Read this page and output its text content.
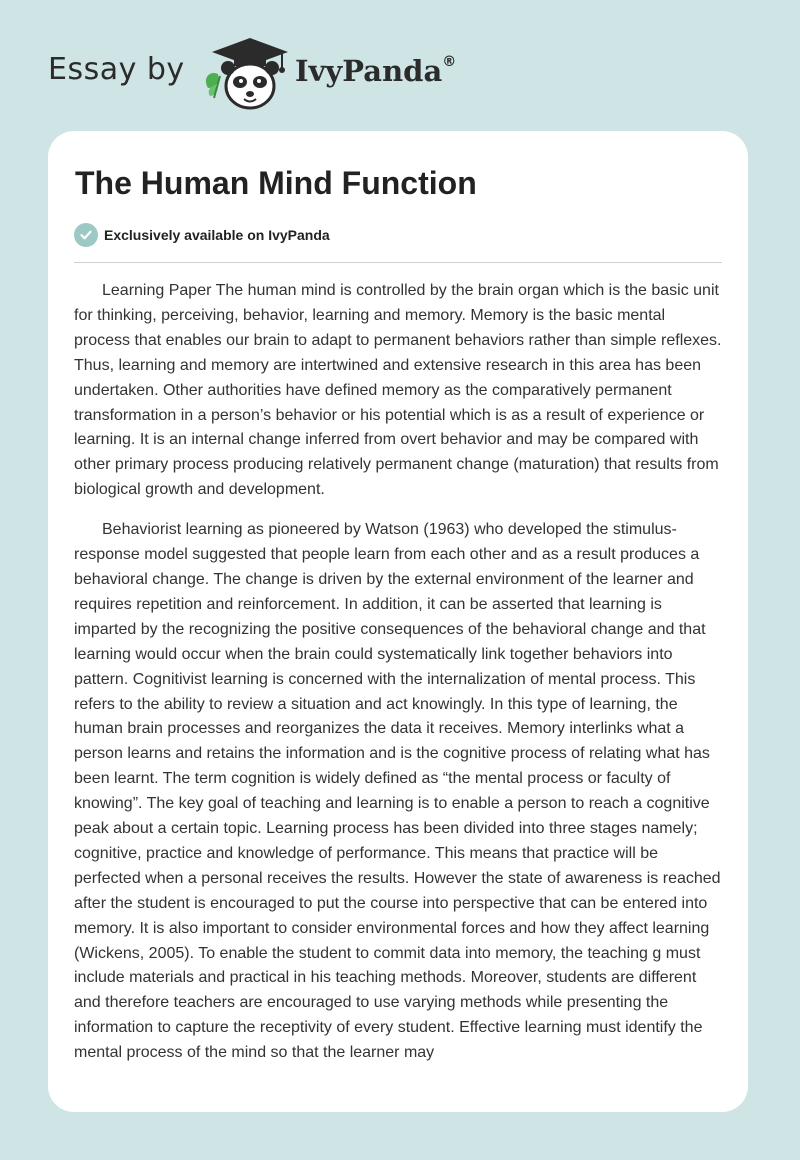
Essay by	IvyPanda®
The Human Mind Function
Exclusively available on IvyPanda

Learning Paper The human mind is controlled by the brain organ which is the basic unit for thinking, perceiving, behavior, learning and memory. Memory is the basic mental process that enables our brain to adapt to permanent behaviors rather than simple reflexes. Thus, learning and memory are intertwined and extensive research in this area has been undertaken. Other authorities have defined memory as the comparatively permanent transformation in a person’s behavior or his potential which is as a result of experience or learning. It is an internal change inferred from overt behavior and may be compared with other primary process producing relatively permanent change (maturation) that results from biological growth and development.

Behaviorist learning as pioneered by Watson (1963) who developed the stimulus-response model suggested that people learn from each other and as a result produces a behavioral change. The change is driven by the external environment of the learner and requires repetition and reinforcement. In addition, it can be asserted that learning is imparted by the recognizing the positive consequences of the behavioral change and that learning would occur when the brain could systematically link together behaviors into pattern. Cognitivist learning is concerned with the internalization of mental process. This refers to the ability to review a situation and act knowingly. In this type of learning, the human brain processes and reorganizes the data it receives. Memory interlinks what a person learns and retains the information and is the cognitive process of relating what has been learnt. The term cognition is widely defined as “the mental process or faculty of knowing”. The key goal of teaching and learning is to enable a person to reach a cognitive peak about a certain topic. Learning process has been divided into three stages namely; cognitive, practice and knowledge of performance. This means that practice will be perfected when a personal receives the results. However the state of awareness is reached after the student is encouraged to put the course into perspective that can be entered into memory. It is also important to consider environmental forces and how they affect learning (Wickens, 2005). To enable the student to commit data into memory, the teaching g must include materials and practical in his teaching methods. Moreover, students are different and therefore teachers are encouraged to use varying methods while presenting the information to capture the receptivity of every student. Effective learning must identify the mental process of the mind so that the learner may
